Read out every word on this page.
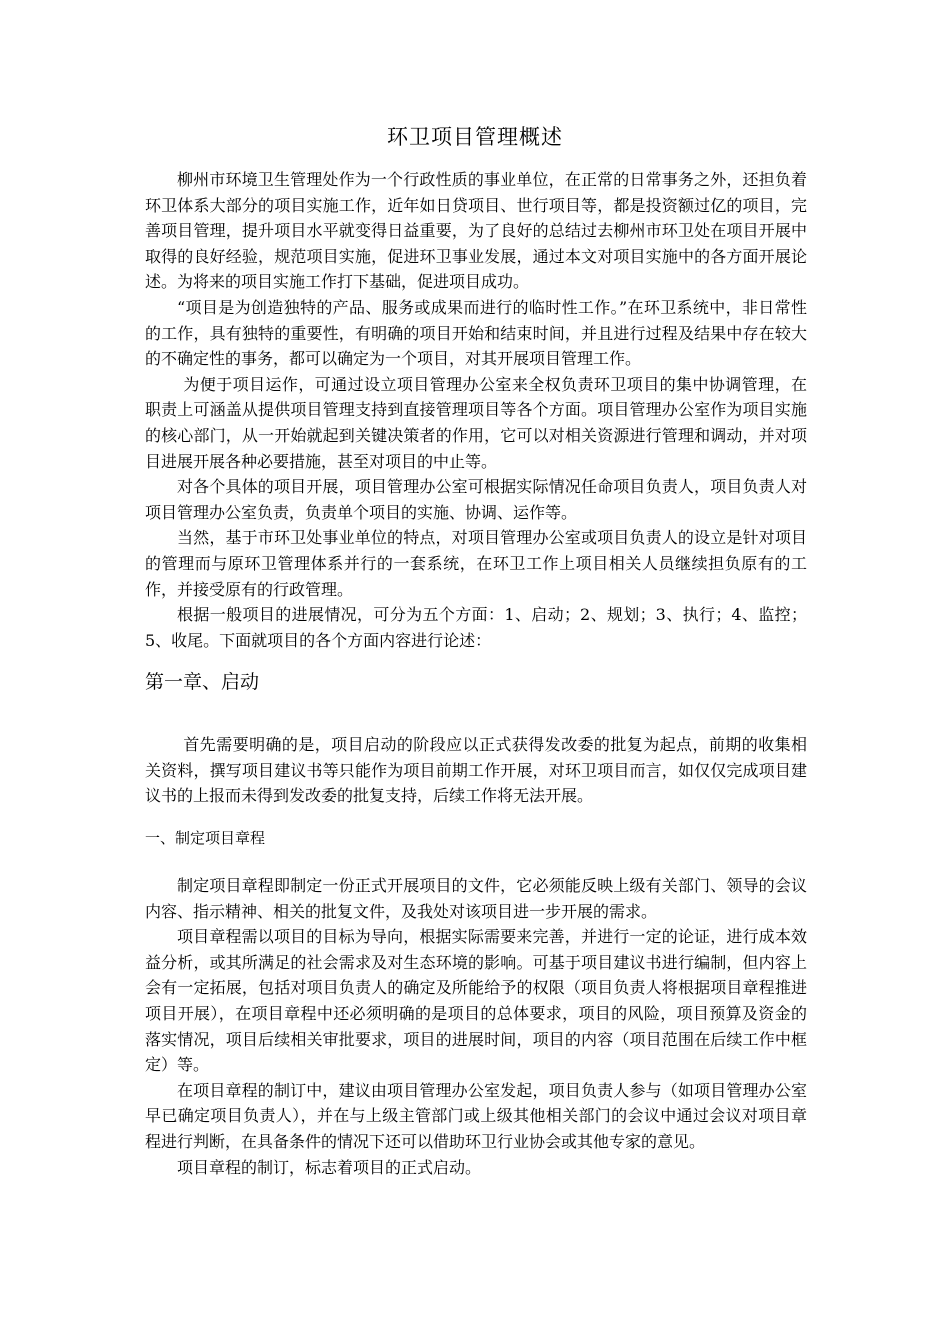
环卫项目管理概述

柳州市环境卫生管理处作为一个行政性质的事业单位，在正常的日常事务之外，还担负着环卫体系大部分的项目实施工作，近年如日贷项目、世行项目等，都是投资额过亿的项目，完善项目管理，提升项目水平就变得日益重要，为了良好的总结过去柳州市环卫处在项目开展中取得的良好经验，规范项目实施，促进环卫事业发展，通过本文对项目实施中的各方面开展论述。为将来的项目实施工作打下基础，促进项目成功。

“项目是为创造独特的产品、服务或成果而进行的临时性工作。”在环卫系统中，非日常性的工作，具有独特的重要性，有明确的项目开始和结束时间，并且进行过程及结果中存在较大的不确定性的事务，都可以确定为一个项目，对其开展项目管理工作。

为便于项目运作，可通过设立项目管理办公室来全权负责环卫项目的集中协调管理，在职责上可涵盖从提供项目管理支持到直接管理项目等各个方面。项目管理办公室作为项目实施的核心部门，从一开始就起到关键决策者的作用，它可以对相关资源进行管理和调动，并对项目进展开展各种必要措施，甚至对项目的中止等。

对各个具体的项目开展，项目管理办公室可根据实际情况任命项目负责人，项目负责人对项目管理办公室负责，负责单个项目的实施、协调、运作等。

当然，基于市环卫处事业单位的特点，对项目管理办公室或项目负责人的设立是针对项目的管理而与原环卫管理体系并行的一套系统，在环卫工作上项目相关人员继续担负原有的工作，并接受原有的行政管理。

根据一般项目的进展情况，可分为五个方面：1、启动；2、规划；3、执行；4、监控；5、收尾。下面就项目的各个方面内容进行论述：

第一章、启动

首先需要明确的是，项目启动的阶段应以正式获得发改委的批复为起点，前期的收集相关资料，撰写项目建议书等只能作为项目前期工作开展，对环卫项目而言，如仅仅完成项目建议书的上报而未得到发改委的批复支持，后续工作将无法开展。

一、制定项目章程

制定项目章程即制定一份正式开展项目的文件，它必须能反映上级有关部门、领导的会议内容、指示精神、相关的批复文件，及我处对该项目进一步开展的需求。

项目章程需以项目的目标为导向，根据实际需要来完善，并进行一定的论证，进行成本效益分析，或其所满足的社会需求及对生态环境的影响。可基于项目建议书进行编制，但内容上会有一定拓展，包括对项目负责人的确定及所能给予的权限（项目负责人将根据项目章程推进项目开展），在项目章程中还必须明确的是项目的总体要求，项目的风险，项目预算及资金的落实情况，项目后续相关审批要求，项目的进展时间，项目的内容（项目范围在后续工作中框定）等。

在项目章程的制订中，建议由项目管理办公室发起，项目负责人参与（如项目管理办公室早已确定项目负责人），并在与上级主管部门或上级其他相关部门的会议中通过会议对项目章程进行判断，在具备条件的情况下还可以借助环卫行业协会或其他专家的意见。

项目章程的制订，标志着项目的正式启动。
